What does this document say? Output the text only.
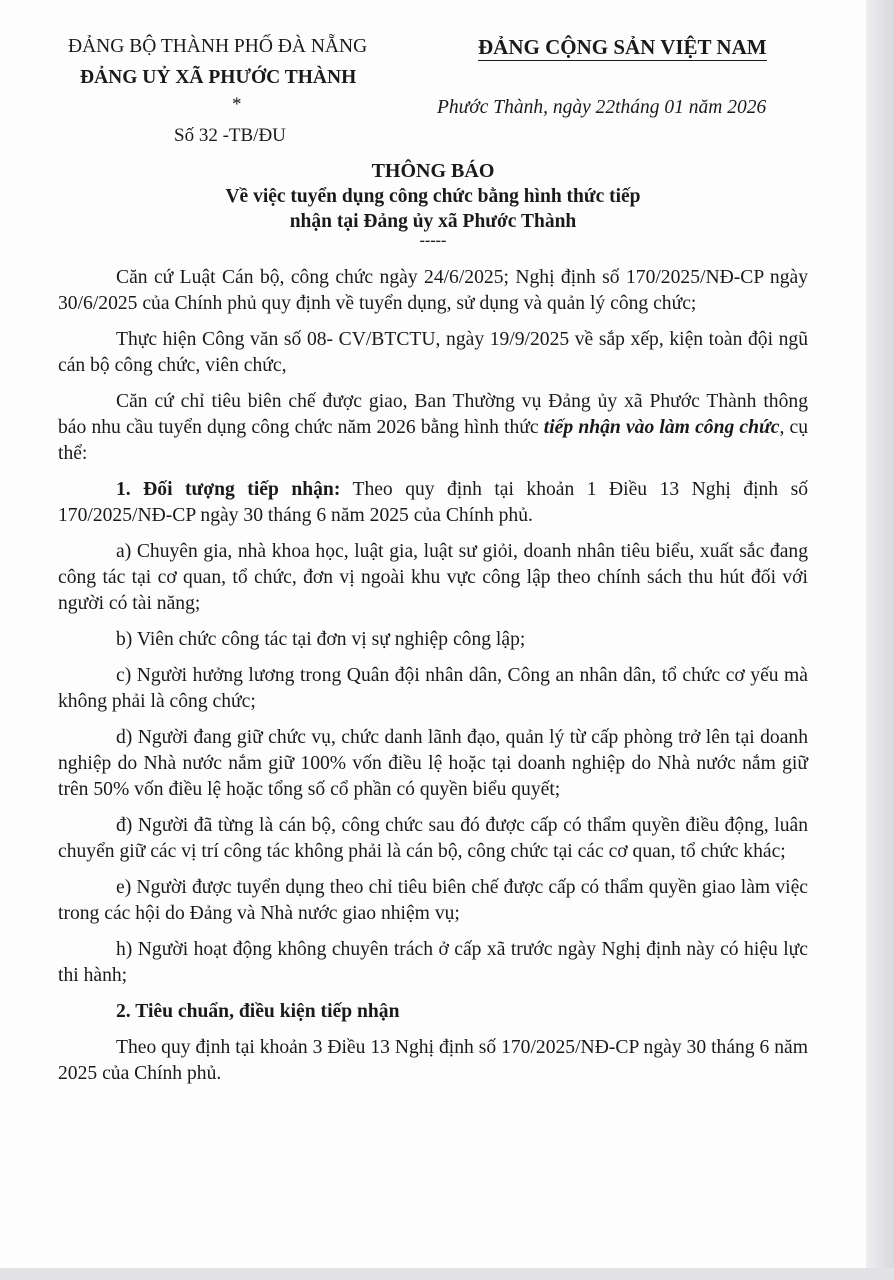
ĐẢNG BỘ THÀNH PHỐ ĐÀ NẴNG
ĐẢNG UỶ XÃ PHƯỚC THÀNH
*
Số 32 -TB/ĐU
ĐẢNG CỘNG SẢN VIỆT NAM
Phước Thành, ngày 22tháng 01 năm 2026
THÔNG BÁO
Về việc tuyển dụng công chức bằng hình thức tiếp
nhận tại Đảng ủy xã Phước Thành
-----

Căn cứ Luật Cán bộ, công chức ngày 24/6/2025; Nghị định số 170/2025/NĐ-CP ngày 30/6/2025 của Chính phủ quy định về tuyển dụng, sử dụng và quản lý công chức;

Thực hiện Công văn số 08- CV/BTCTU, ngày 19/9/2025 về sắp xếp, kiện toàn đội ngũ cán bộ công chức, viên chức,

Căn cứ chỉ tiêu biên chế được giao, Ban Thường vụ Đảng ủy xã Phước Thành thông báo nhu cầu tuyển dụng công chức năm 2026 bằng hình thức tiếp nhận vào làm công chức, cụ thể:

1. Đối tượng tiếp nhận: Theo quy định tại khoản 1 Điều 13 Nghị định số 170/2025/NĐ-CP ngày 30 tháng 6 năm 2025 của Chính phủ.

a) Chuyên gia, nhà khoa học, luật gia, luật sư giỏi, doanh nhân tiêu biểu, xuất sắc đang công tác tại cơ quan, tổ chức, đơn vị ngoài khu vực công lập theo chính sách thu hút đối với người có tài năng;

b) Viên chức công tác tại đơn vị sự nghiệp công lập;

c) Người hưởng lương trong Quân đội nhân dân, Công an nhân dân, tổ chức cơ yếu mà không phải là công chức;

d) Người đang giữ chức vụ, chức danh lãnh đạo, quản lý từ cấp phòng trở lên tại doanh nghiệp do Nhà nước nắm giữ 100% vốn điều lệ hoặc tại doanh nghiệp do Nhà nước nắm giữ trên 50% vốn điều lệ hoặc tổng số cổ phần có quyền biểu quyết;

đ) Người đã từng là cán bộ, công chức sau đó được cấp có thẩm quyền điều động, luân chuyển giữ các vị trí công tác không phải là cán bộ, công chức tại các cơ quan, tổ chức khác;

e) Người được tuyển dụng theo chỉ tiêu biên chế được cấp có thẩm quyền giao làm việc trong các hội do Đảng và Nhà nước giao nhiệm vụ;

h) Người hoạt động không chuyên trách ở cấp xã trước ngày Nghị định này có hiệu lực thi hành;

2. Tiêu chuẩn, điều kiện tiếp nhận

Theo quy định tại khoản 3 Điều 13 Nghị định số 170/2025/NĐ-CP ngày 30 tháng 6 năm 2025 của Chính phủ.
